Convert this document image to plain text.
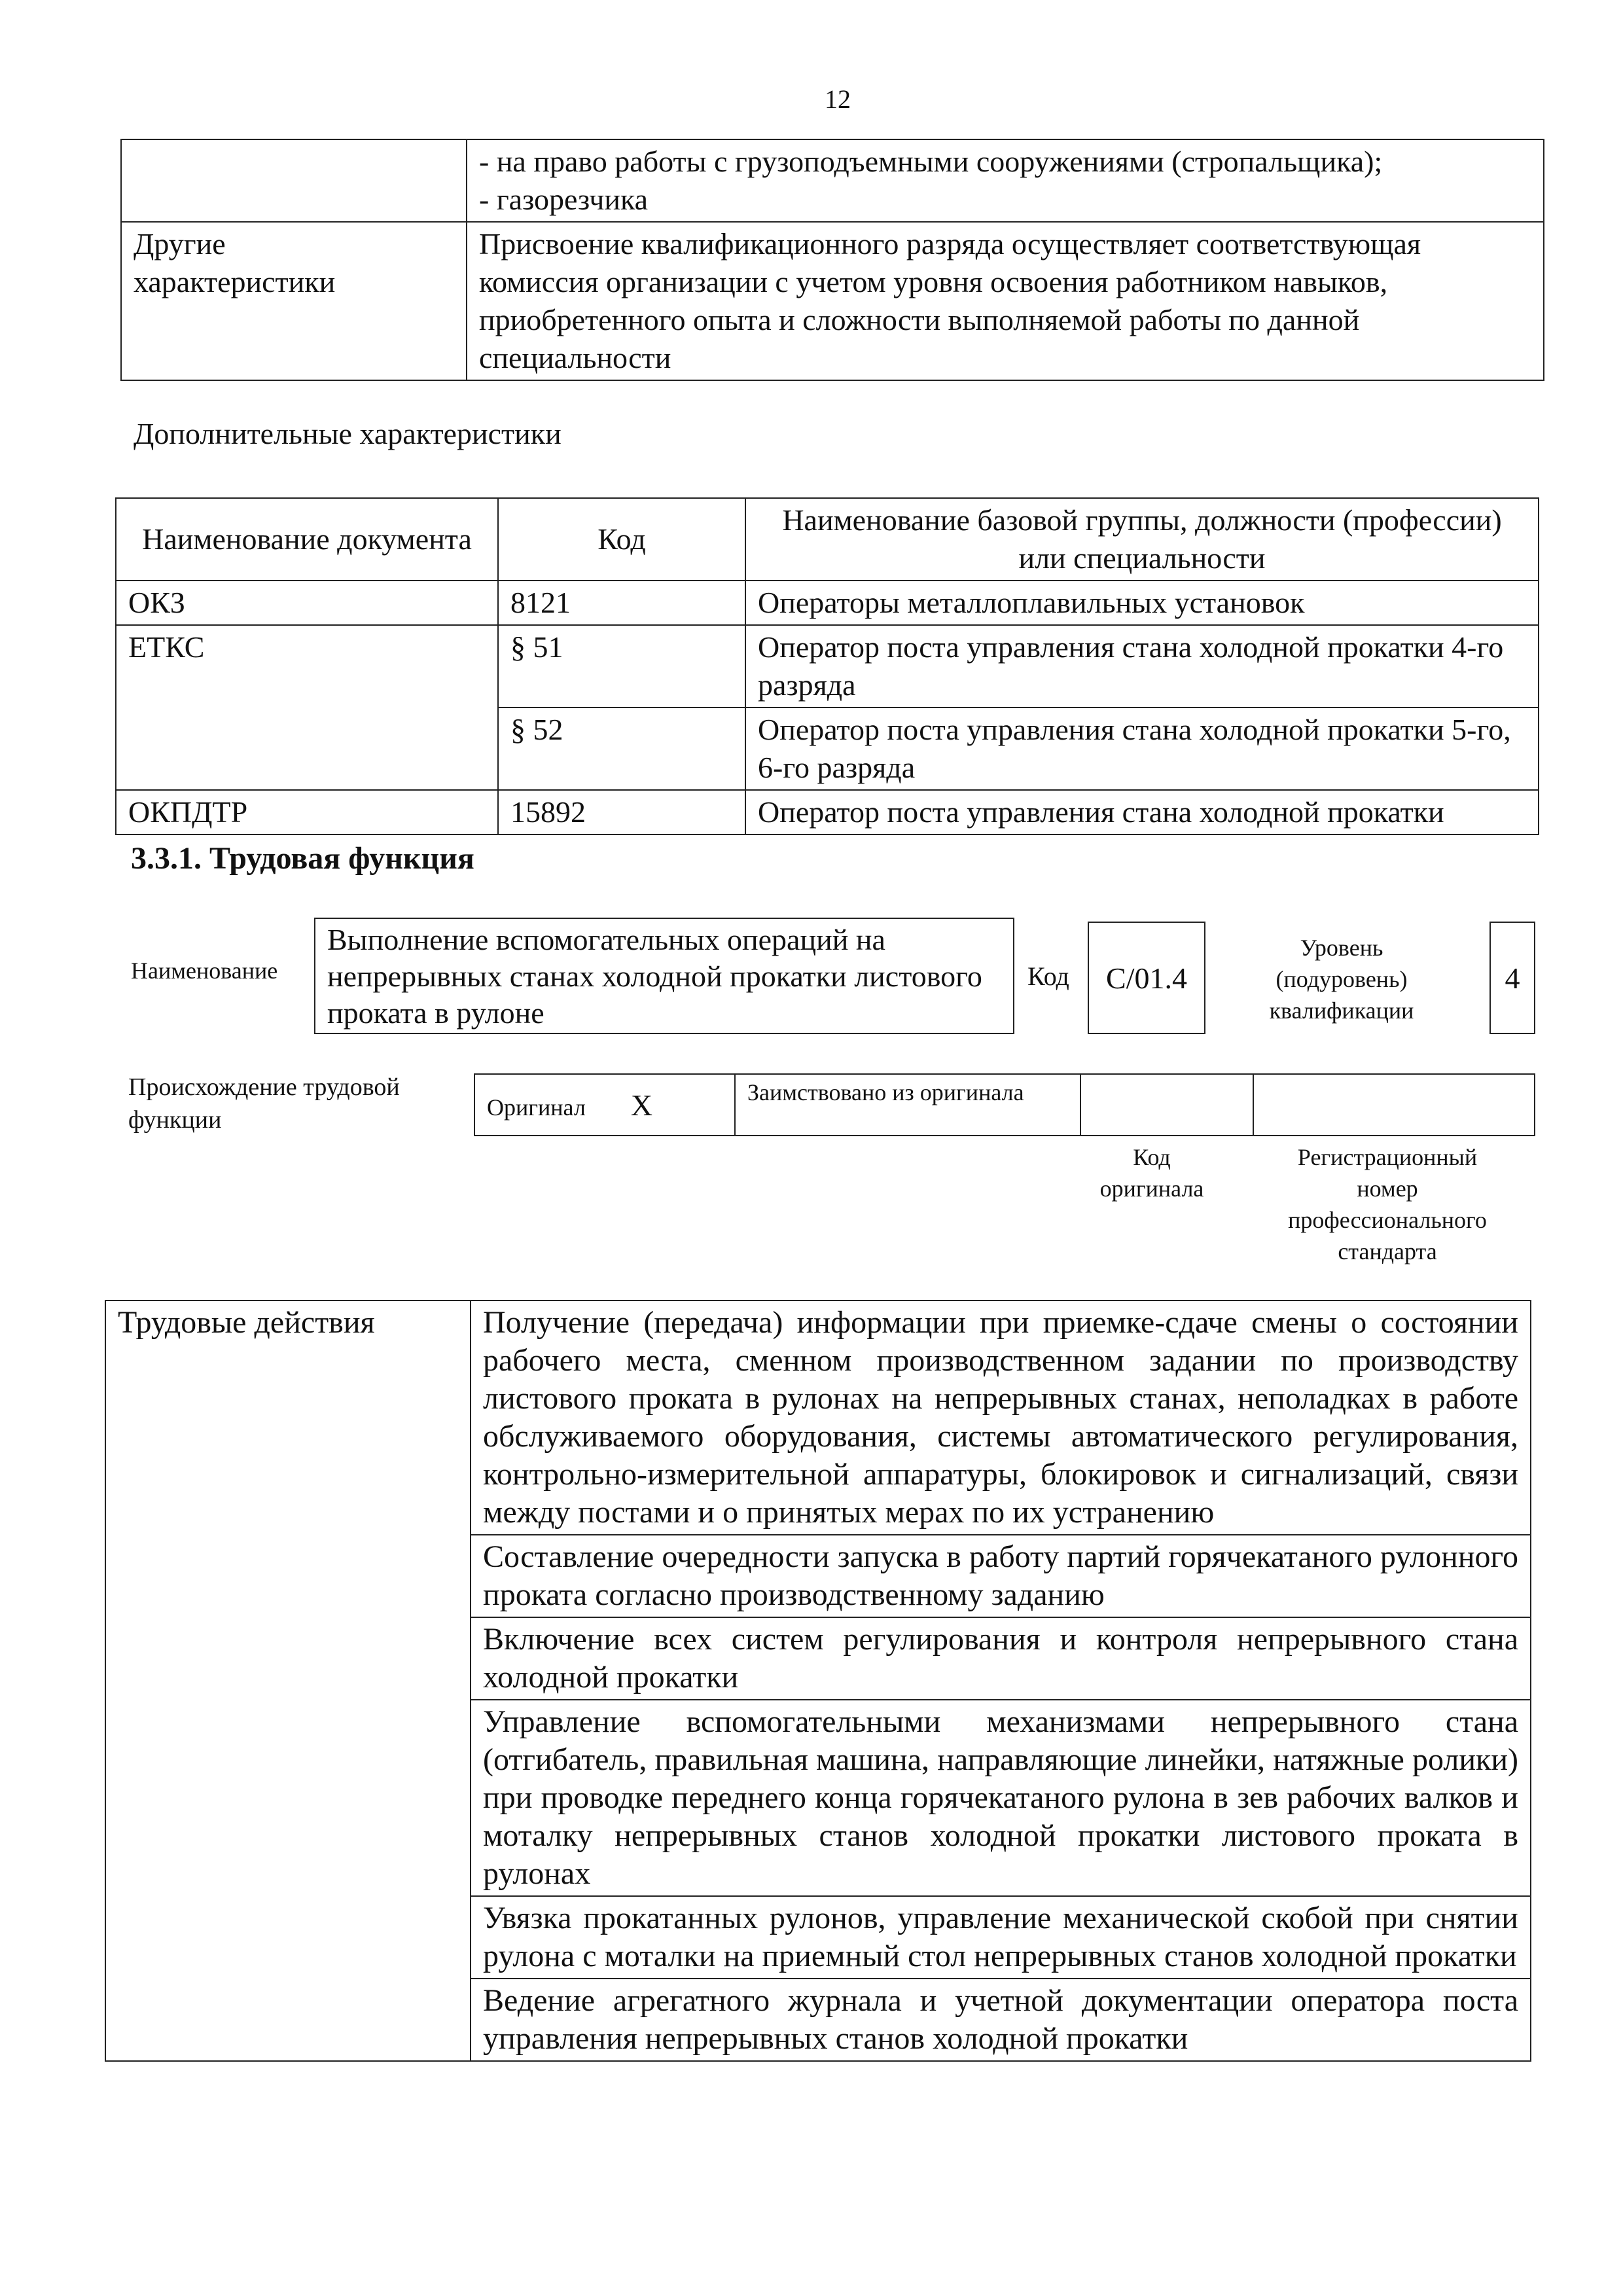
12

	- на право работы с грузоподъемными сооружениями (стропальщика);
- газорезчика

Другие характеристики	Присвоение квалификационного разряда осуществляет соответствующая комиссия организации с учетом уровня освоения работником навыков, приобретенного опыта и сложности выполняемой работы по данной специальности
Дополнительные характеристики
Наименование документа	Код	Наименование базовой группы, должности (профессии) или специальности
ОКЗ	8121	Операторы металлоплавильных установок
ЕТКС	§ 51	Оператор поста управления стана холодной прокатки 4-го разряда
	§ 52	Оператор поста управления стана холодной прокатки 5-го, 6-го разряда
ОКПДТР	15892	Оператор поста управления стана холодной прокатки
3.3.1. Трудовая функция
Наименование
Выполнение вспомогательных операций на непрерывных станах холодной прокатки листового проката в рулоне
Код C/01.4
Уровень (подуровень) квалификации
4
Происхождение трудовой функции	Оригинал X	Заимствовано из оригинала		
Код оригинала
Регистрационный номер профессионального стандарта
Трудовые действия	Получение (передача) информации при приемке-сдаче смены о состоянии рабочего места, сменном производственном задании по производству листового проката в рулонах на непрерывных станах, неполадках в работе обслуживаемого оборудования, системы автоматического регулирования, контрольно-измерительной аппаратуры, блокировок и сигнализаций, связи между постами и о принятых мерах по их устранению
Составление очередности запуска в работу партий горячекатаного рулонного проката согласно производственному заданию
Включение всех систем регулирования и контроля непрерывного стана холодной прокатки
Управление вспомогательными механизмами непрерывного стана (отгибатель, правильная машина, направляющие линейки, натяжные ролики) при проводке переднего конца горячекатаного рулона в зев рабочих валков и моталку непрерывных станов холодной прокатки листового проката в рулонах
Увязка прокатанных рулонов, управление механической скобой при снятии рулона с моталки на приемный стол непрерывных станов холодной прокатки
Ведение агрегатного журнала и учетной документации оператора поста управления непрерывных станов холодной прокатки
